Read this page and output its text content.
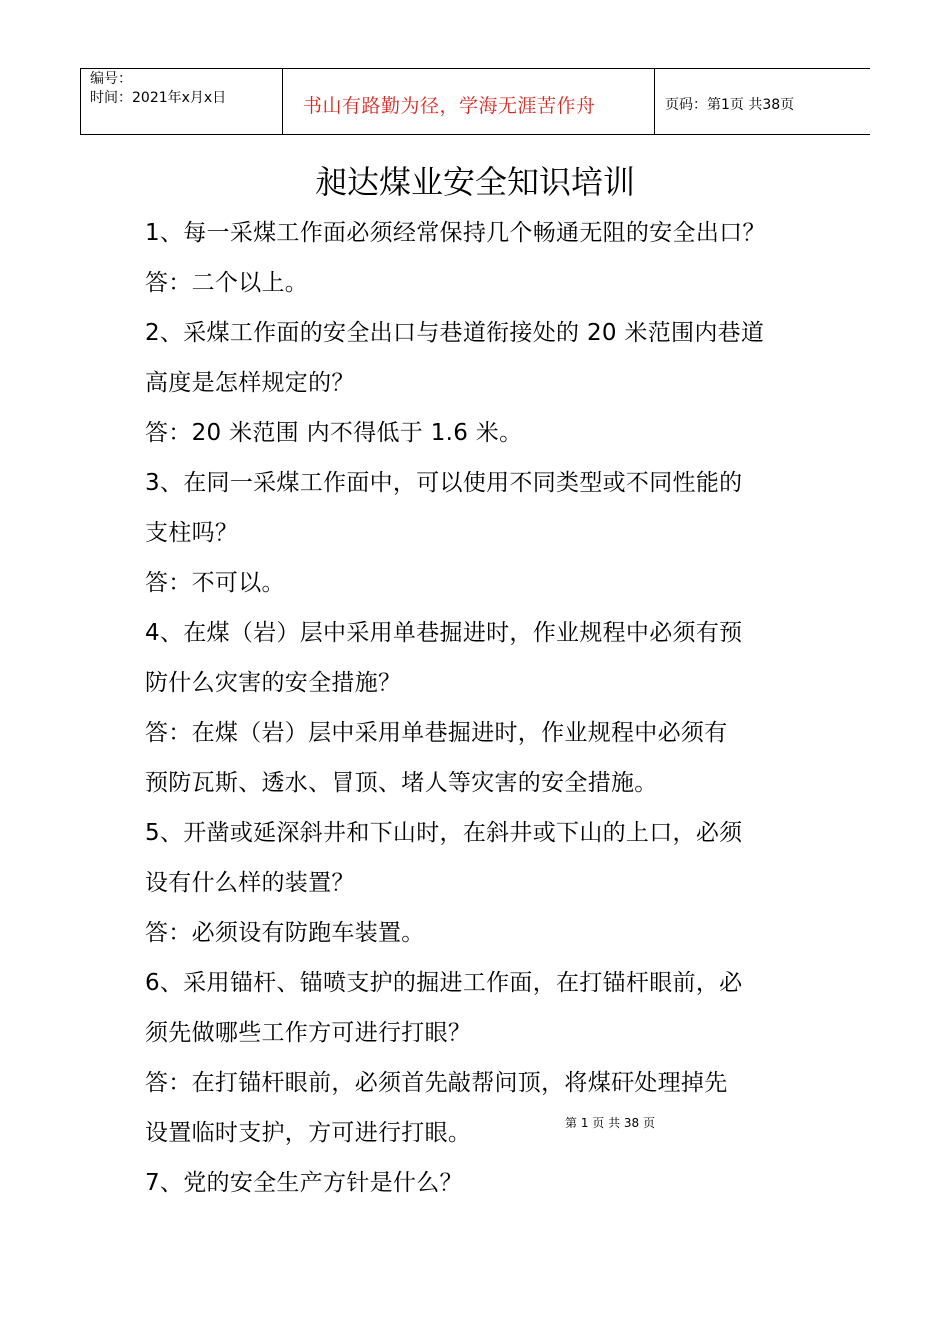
编号：
时间：2021年x月x日	书山有路勤为径，学海无涯苦作舟	页码：第1页 共38页
昶达煤业安全知识培训
1、每一采煤工作面必须经常保持几个畅通无阻的安全出口？
答：二个以上。
2、采煤工作面的安全出口与巷道衔接处的 20 米范围内巷道
高度是怎样规定的？
答：20 米范围 内不得低于 1.6 米。
3、在同一采煤工作面中，可以使用不同类型或不同性能的
支柱吗？
答：不可以。
4、在煤（岩）层中采用单巷掘进时，作业规程中必须有预
防什么灾害的安全措施？
答：在煤（岩）层中采用单巷掘进时，作业规程中必须有
预防瓦斯、透水、冒顶、堵人等灾害的安全措施。
5、开凿或延深斜井和下山时，在斜井或下山的上口，必须
设有什么样的装置？
答：必须设有防跑车装置。
6、采用锚杆、锚喷支护的掘进工作面，在打锚杆眼前，必
须先做哪些工作方可进行打眼？
答：在打锚杆眼前，必须首先敲帮问顶，将煤矸处理掉先
设置临时支护，方可进行打眼。
7、党的安全生产方针是什么？
第 1 页 共 38 页
